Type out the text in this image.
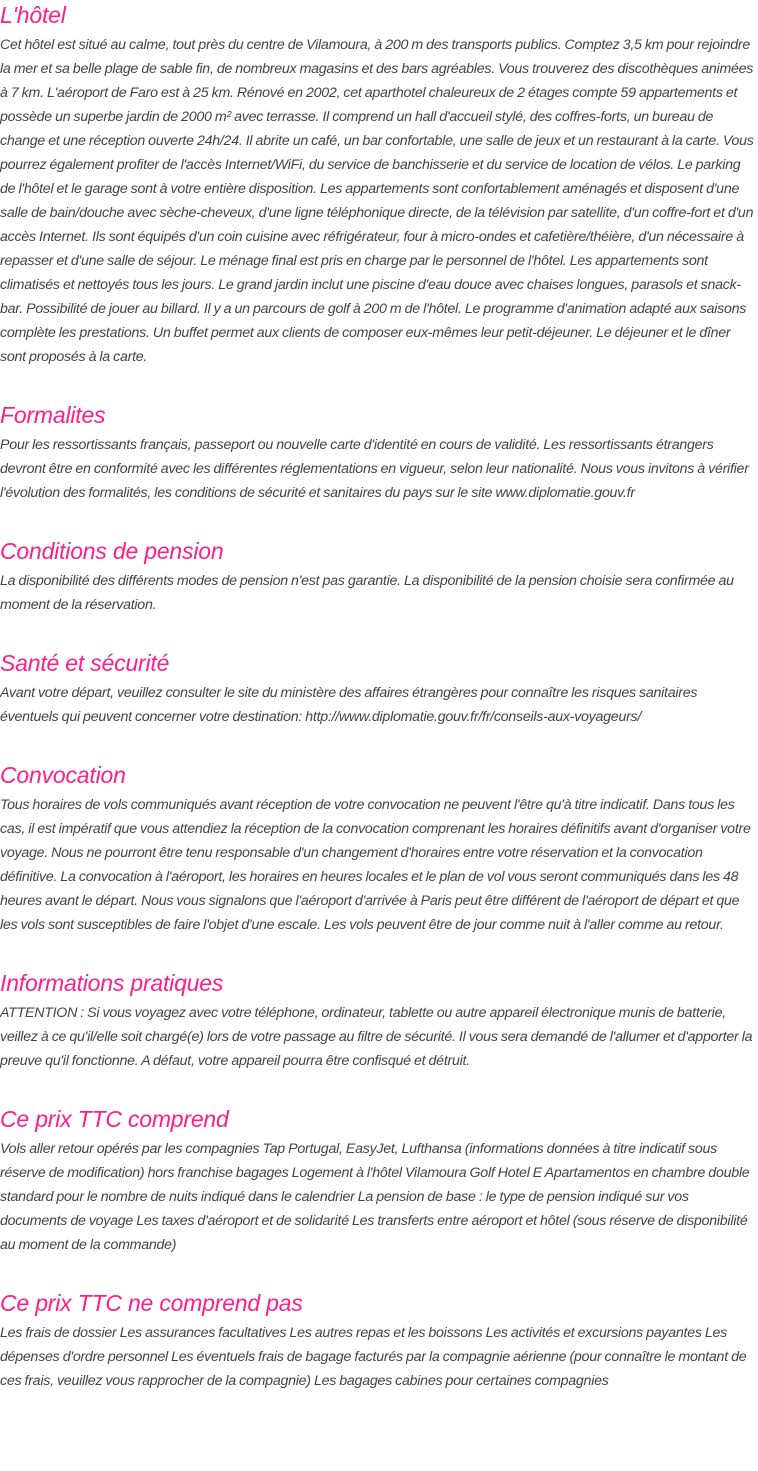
L'hôtel

Cet hôtel est situé au calme, tout près du centre de Vilamoura, à 200 m des transports publics. Comptez 3,5 km pour rejoindre la mer et sa belle plage de sable fin, de nombreux magasins et des bars agréables. Vous trouverez des discothèques animées à 7 km. L'aéroport de Faro est à 25 km. Rénové en 2002, cet aparthotel chaleureux de 2 étages compte 59 appartements et possède un superbe jardin de 2000 m² avec terrasse. Il comprend un hall d'accueil stylé, des coffres-forts, un bureau de change et une réception ouverte 24h/24. Il abrite un café, un bar confortable, une salle de jeux et un restaurant à la carte. Vous pourrez également profiter de l'accès Internet/WiFi, du service de banchisserie et du service de location de vélos. Le parking de l'hôtel et le garage sont à votre entière disposition. Les appartements sont confortablement aménagés et disposent d'une salle de bain/douche avec sèche-cheveux, d'une ligne téléphonique directe, de la télévision par satellite, d'un coffre-fort et d'un accès Internet. Ils sont équipés d'un coin cuisine avec réfrigérateur, four à micro-ondes et cafetière/théière, d'un nécessaire à repasser et d'une salle de séjour. Le ménage final est pris en charge par le personnel de l'hôtel. Les appartements sont climatisés et nettoyés tous les jours. Le grand jardin inclut une piscine d'eau douce avec chaises longues, parasols et snack-bar. Possibilité de jouer au billard. Il y a un parcours de golf à 200 m de l'hôtel. Le programme d'animation adapté aux saisons complète les prestations. Un buffet permet aux clients de composer eux-mêmes leur petit-déjeuner. Le déjeuner et le dîner sont proposés à la carte.

Formalites

Pour les ressortissants français, passeport ou nouvelle carte d'identité en cours de validité. Les ressortissants étrangers devront être en conformité avec les différentes réglementations en vigueur, selon leur nationalité. Nous vous invitons à vérifier l'évolution des formalités, les conditions de sécurité et sanitaires du pays sur le site www.diplomatie.gouv.fr

Conditions de pension

La disponibilité des différents modes de pension n'est pas garantie. La disponibilité de la pension choisie sera confirmée au moment de la réservation.

Santé et sécurité

Avant votre départ, veuillez consulter le site du ministère des affaires étrangères pour connaître les risques sanitaires éventuels qui peuvent concerner votre destination: http://www.diplomatie.gouv.fr/fr/conseils-aux-voyageurs/

Convocation

Tous horaires de vols communiqués avant réception de votre convocation ne peuvent l'être qu'à titre indicatif. Dans tous les cas, il est impératif que vous attendiez la réception de la convocation comprenant les horaires définitifs avant d'organiser votre voyage. Nous ne pourront être tenu responsable d'un changement d'horaires entre votre réservation et la convocation définitive. La convocation à l'aéroport, les horaires en heures locales et le plan de vol vous seront communiqués dans les 48 heures avant le départ. Nous vous signalons que l'aéroport d'arrivée à Paris peut être différent de l'aéroport de départ et que les vols sont susceptibles de faire l'objet d'une escale. Les vols peuvent être de jour comme nuit à l'aller comme au retour.

Informations pratiques

ATTENTION : Si vous voyagez avec votre téléphone, ordinateur, tablette ou autre appareil électronique munis de batterie, veillez à ce qu'il/elle soit chargé(e) lors de votre passage au filtre de sécurité. Il vous sera demandé de l'allumer et d'apporter la preuve qu'il fonctionne. A défaut, votre appareil pourra être confisqué et détruit.

Ce prix TTC comprend

Vols aller retour opérés par les compagnies Tap Portugal, EasyJet, Lufthansa (informations données à titre indicatif sous réserve de modification) hors franchise bagages Logement à l'hôtel Vilamoura Golf Hotel E Apartamentos en chambre double standard pour le nombre de nuits indiqué dans le calendrier La pension de base : le type de pension indiqué sur vos documents de voyage Les taxes d'aéroport et de solidarité Les transferts entre aéroport et hôtel (sous réserve de disponibilité au moment de la commande)

Ce prix TTC ne comprend pas

Les frais de dossier Les assurances facultatives Les autres repas et les boissons Les activités et excursions payantes Les dépenses d'ordre personnel Les éventuels frais de bagage facturés par la compagnie aérienne (pour connaître le montant de ces frais, veuillez vous rapprocher de la compagnie) Les bagages cabines pour certaines compagnies
